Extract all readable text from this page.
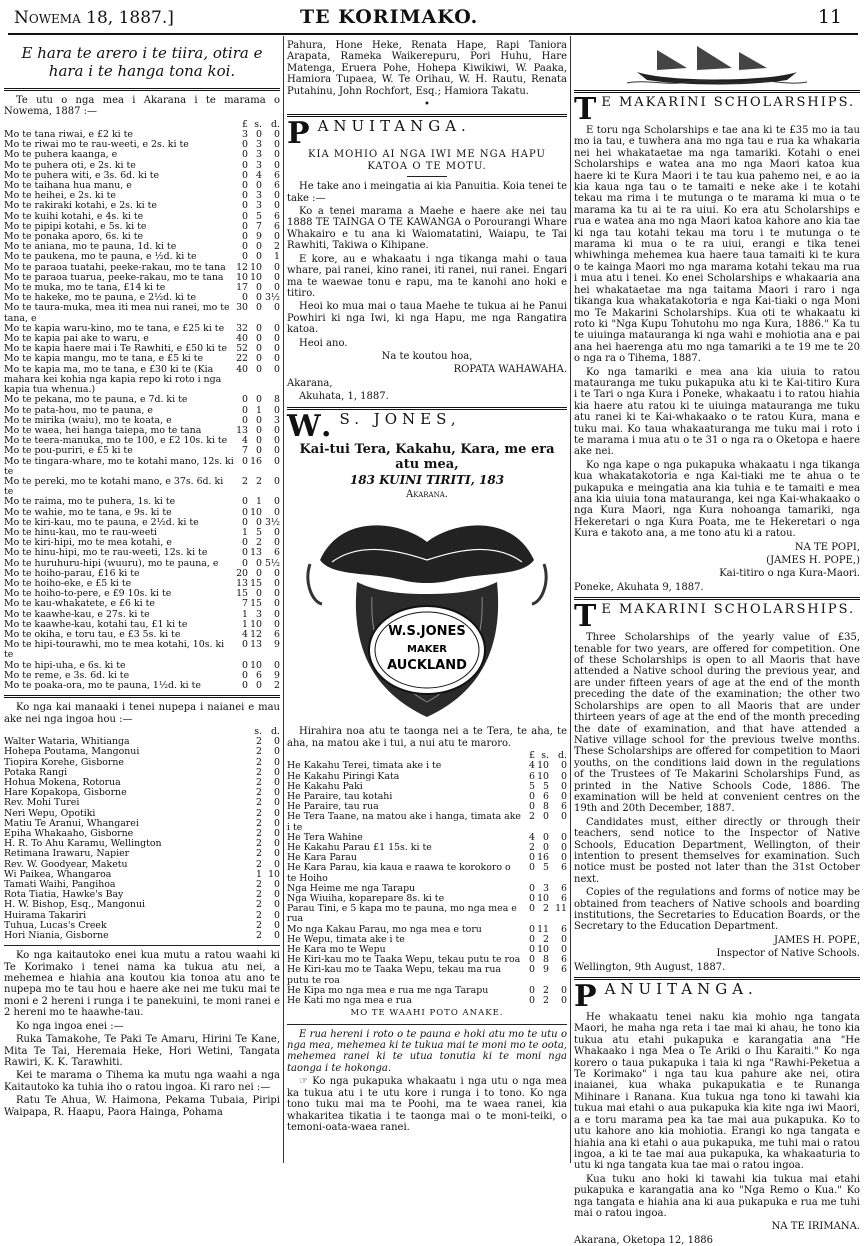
Nowema 18, 1887.]	TE KORIMAKO.	11
E hara te arero i te tiira, otira e hara i te hanga tona koi.

Te utu o nga mea i Akarana i te marama o Nowema, 1887 :—

	£	s.	d.
Mo te tana riwai, e £2 ki te	3	0	0
Mo te riwai mo te rau-weeti, e 2s. ki te	0	3	0
Mo te puhera kaanga, e	0	3	0
Mo te puhera oti, e 2s. ki te	0	3	0
Mo te puhera witi, e 3s. 6d. ki te	0	4	6
Mo te taihana hua manu, e	0	0	6
Mo te heihei, e 2s. ki te	0	3	0
Mo te rakiraki kotahi, e 2s. ki te	0	3	0
Mo te kuihi kotahi, e 4s. ki te	0	5	6
Mo te pipipi kotahi, e 5s. ki te	0	7	6
Mo te ponaka aporo, 6s. ki te	0	9	0
Mo te aniana, mo te pauna, 1d. ki te	0	0	2
Mo te paukena, mo te pauna, e ½d. ki te	0	0	1
Mo te paraoa tuatahi, peeke-rakau, mo te tana	12	10	0
Mo te paraoa tuarua, peeke-rakau, mo te tana	10	10	0
Mo te muka, mo te tana, £14 ki te	17	0	0
Mo te hakeke, mo te pauna, e 2½d. ki te	0	0	3½
Mo te taura-muka, mea iti mea nui ranei, mo te tana, e	30	0	0
Mo te kapia waru-kino, mo te tana, e £25 ki te	32	0	0
Mo te kapia pai ake to waru, e	40	0	0
Mo te kapia haere mai i Te Rawhiti, e £50 ki te	52	0	0
Mo te kapia mangu, mo te tana, e £5 ki te	22	0	0
Mo te kapia ma, mo te tana, e £30 ki te (Kia mahara kei kohia nga kapia repo ki roto i nga kapia tua whenua.)	40	0	0
Mo te pekana, mo te pauna, e 7d. ki te	0	0	8
Mo te pata-hou, mo te pauna, e	0	1	0
Mo te mirika (waiu), mo te koata, e	0	0	3
Mo te waea, hei hanga taiepa, mo te tana	13	0	0
Mo te teera-manuka, mo te 100, e £2 10s. ki te	4	0	0
Mo te pou-puriri, e £5 ki te	7	0	0
Mo te tingara-whare, mo te kotahi mano, 12s. ki te	0	16	0
Mo te pereki, mo te kotahi mano, e 37s. 6d. ki te	2	2	0
Mo te raima, mo te puhera, 1s. ki te	0	1	0
Mo te wahie, mo te tana, e 9s. ki te	0	10	0
Mo te kiri-kau, mo te pauna, e 2½d. ki te	0	0	3½
Mo te hinu-kau, mo te rau-weeti	1	5	0
Mo te kiri-hipi, mo te mea kotahi, e	0	2	0
Mo te hinu-hipi, mo te rau-weeti, 12s. ki te	0	13	6
Mo te huruhuru-hipi (wuuru), mo te pauna, e	0	0	5½
Mo te hoiho-parau, £16 ki te	20	0	0
Mo te hoiho-eke, e £5 ki te	13	15	0
Mo te hoiho-to-pere, e £9 10s. ki te	15	0	0
Mo te kau-whakatete, e £6 ki te	7	15	0
Mo te kaawhe-kau, e 27s. ki te	1	3	0
Mo te kaawhe-kau, kotahi tau, £1 ki te	1	10	0
Mo te okiha, e toru tau, e £3 5s. ki te	4	12	6
Mo te hipi-tourawhi, mo te mea kotahi, 10s. ki te	0	13	9
Mo te hipi-uha, e 6s. ki te	0	10	0
Mo te reme, e 3s. 6d. ki te	0	6	9
Mo te poaka-ora, mo te pauna, 1½d. ki te	0	0	2

Ko nga kai manaaki i tenei nupepa i naianei e mau ake nei nga ingoa hou :—

	s.	d.
Walter Wataria, Whitianga	2	0
Hohepa Poutama, Mangonui	2	0
Tiopira Korehe, Gisborne	2	0
Potaka Rangi	2	0
Hohua Mokena, Rotorua	2	0
Hare Kopakopa, Gisborne	2	0
Rev. Mohi Turei	2	0
Neri Wepu, Opotiki	2	0
Matiu Te Aranui, Whangarei	2	0
Epiha Whakaaho, Gisborne	2	0
H. R. To Ahu Karamu, Wellington	2	0
Retimana Irawaru, Napier	2	0
Rev. W. Goodyear, Maketu	2	0
Wi Paikea, Whangaroa	1	10
Tamati Waihi, Pangihoa	2	0
Rota Tiatia, Hawke's Bay	2	0
H. W. Bishop, Esq., Mangonui	2	0
Huirama Takariri	2	0
Tuhua, Lucas's Creek	2	0
Hori Niania, Gisborne	2	0

Ko nga kaitautoko enei kua mutu a ratou waahi ki Te Korimako i tenei nama ka tukua atu nei, a mehemea e hiahia ana koutou kia tonoa atu ano te nupepa mo te tau hou e haere ake nei me tuku mai te moni e 2 hereni i runga i te panekuini, te moni ranei e 2 hereni mo te haawhe-tau.

Ko nga ingoa enei :—

Ruka Tamakohe, Te Paki Te Amaru, Hirini Te Kane, Mita Te Tai, Heremaia Heke, Hori Wetini, Tangata Rawiri, K. K. Tarawhiti.

Kei te marama o Tihema ka mutu nga waahi a nga Kaitautoko ka tuhia iho o ratou ingoa. Ki raro nei :—

Ratu Te Ahua, W. Haimona, Pekama Tubaia, Piripi Waipapa, R. Haapu, Paora Hainga, Pohama

Pahura, Hone Heke, Renata Hape, Rapi Taniora Arapata, Rameka Waikerepuru, Pori Huhu, Hare Matenga, Eruera Pohe, Hohepa Kiwikiwi, W. Paaka, Hamiora Tupaea, W. Te Orihau, W. H. Rautu, Renata Putahinu, John Rochfort, Esq.; Hamiora Takatu.

•
P ANUITANGA.

KIA MOHIO AI NGA IWI ME NGA HAPU KATOA O TE MOTU.

He take ano i meingatia ai kia Panuitia. Koia tenei te take :—

Ko a tenei marama a Maehe e haere ake nei tau 1888 TE TAINGA O TE KAWANGA o Porourangi Whare Whakairo e tu ana ki Waiomatatini, Waiapu, te Tai Rawhiti, Takiwa o Kihipane.

E kore, au e whakaatu i nga tikanga mahi o taua whare, pai ranei, kino ranei, iti ranei, nui ranei. Engari ma te waewae tonu e rapu, ma te kanohi ano hoki e titiro.

Heoi ko mua mai o taua Maehe te tukua ai he Panui Powhiri ki nga Iwi, ki nga Hapu, me nga Rangatira katoa.

Heoi ano.

Na te koutou hoa,

ROPATA WAHAWAHA.

Akarana,

Akuhata, 1, 1887.

W. S. JONES,
Kai-tui Tera, Kakahu, Kara, me era atu mea,
183 KUINI TIRITI, 183
Akarana.
W.S.JONES
MAKER
AUCKLAND

Hirahira noa atu te taonga nei a te Tera, te aha, te aha, na matou ake i tui, a nui atu te maroro.

	£	s.	d.
He Kakahu Terei, timata ake i te	4	10	0
He Kakahu Piringi Kata	6	10	0
He Kakahu Paki	5	5	0
He Paraire, tau kotahi	0	6	0
He Paraire, tau rua	0	8	6
He Tera Taane, na matou ake i hanga, timata ake i te	2	0	0
He Tera Wahine	4	0	0
He Kakahu Parau £1 15s. ki te	2	0	0
He Kara Parau	0	16	0
He Kara Parau, kia kaua e raawa te korokoro o te Hoiho	0	5	6
Nga Heime me nga Tarapu	0	3	6
Nga Wiuiha, koparepare 8s. ki te	0	10	6
Parau Tini, e 5 kapa mo te pauna, mo nga mea e rua	0	2	11
Mo nga Kakau Parau, mo nga mea e toru	0	11	6
He Wepu, timata ake i te	0	2	0
He Kara mo te Wepu	0	10	0
He Kiri-kau mo te Taaka Wepu, tekau putu te roa	0	8	6
He Kiri-kau mo te Taaka Wepu, tekau ma rua putu te roa	0	9	6
He Kipa mo nga mea e rua me nga Tarapu	0	2	0
He Kati mo nga mea e rua	0	2	0

MO TE WAAHI POTO ANAKE.

E rua hereni i roto o te pauna e hoki atu mo te utu o nga mea, mehemea ki te tukua mai te moni mo te oota, mehemea ranei ki te utua tonutia ki te moni nga taonga i te hokonga.

☞ Ko nga pukapuka whakaatu i nga utu o nga mea ka tukua atu i te utu kore i runga i to tono. Ko nga tono tuku mai ma te Poohi, ma te waea ranei, kia whakaritea tikatia i te taonga mai o te moni-teiki, o temoni-oata-waea ranei.

T E MAKARINI SCHOLARSHIPS.

E toru nga Scholarships e tae ana ki te £35 mo ia tau mo ia tau, e tuwhera ana mo nga tau e rua ka whakaria nei hei whakataetae ma nga tamariki. Kotahi o enei Scholarships e watea ana mo nga Maori katoa kua haere ki te Kura Maori i te tau kua pahemo nei, e ao ia kia kaua nga tau o te tamaiti e neke ake i te kotahi tekau ma rima i te mutunga o te marama ki mua o te marama ka tu ai te ra uiui. Ko era atu Scholarships e rua e watea ana mo nga Maori katoa kahore ano kia tae ki nga tau kotahi tekau ma toru i te mutunga o te marama ki mua o te ra uiui, erangi e tika tenei whiwhinga mehemea kua haere taua tamaiti ki te kura o te kainga Maori mo nga marama kotahi tekau ma rua i mua atu i tenei. Ko enei Scholarships e whakaaria ana hei whakataetae ma nga taitama Maori i raro i nga tikanga kua whakatakotoria e nga Kai-tiaki o nga Moni mo Te Makarini Scholarships. Kua oti te whakaatu ki roto ki "Nga Kupu Tohutohu mo nga Kura, 1886." Ka tu te uiuinga matauranga ki nga wahi e mohiotia ana e pai ana hei haerenga atu mo nga tamariki a te 19 me te 20 o nga ra o Tihema, 1887.

Ko nga tamariki e mea ana kia uiuia to ratou matauranga me tuku pukapuka atu ki te Kai-titiro Kura i te Tari o nga Kura i Poneke, whakaatu i to ratou hiahia kia haere atu ratou ki te uiuinga matauranga me tuku atu ranei ki te Kai-whakaako o te ratou Kura, mana e tuku mai. Ko taua whakaaturanga me tuku mai i roto i te marama i mua atu o te 31 o nga ra o Oketopa e haere ake nei.

Ko nga kape o nga pukapuka whakaatu i nga tikanga kua whakatakotoria e nga Kai-tiaki me te ahua o te pukapuka e meingatia ana kia tuhia e te tamaiti e mea ana kia uiuia tona matauranga, kei nga Kai-whakaako o nga Kura Maori, nga Kura nohoanga tamariki, nga Hekeretari o nga Kura Poata, me te Hekeretari o nga Kura e takoto ana, a me tono atu ki a ratou.

NA TE POPI,

(JAMES H. POPE,)

Kai-titiro o nga Kura-Maori.

Poneke, Akuhata 9, 1887.

T E MAKARINI SCHOLARSHIPS.

Three Scholarships of the yearly value of £35, tenable for two years, are offered for competition. One of these Scholarships is open to all Maoris that have attended a Native school during the previous year, and are under fifteen years of age at the end of the month preceding the date of the examination; the other two Scholarships are open to all Maoris that are under thirteen years of age at the end of the month preceding the date of examination, and that have attended a Native village school for the previous twelve months. These Scholarships are offered for competition to Maori youths, on the conditions laid down in the regulations of the Trustees of Te Makarini Scholarships Fund, as printed in the Native Schools Code, 1886. The examination will be held at convenient centres on the 19th and 20th December, 1887.

Candidates must, either directly or through their teachers, send notice to the Inspector of Native Schools, Education Department, Wellington, of their intention to present themselves for examination. Such notice must be posted not later than the 31st October next.

Copies of the regulations and forms of notice may be obtained from teachers of Native schools and boarding institutions, the Secretaries to Education Boards, or the Secretary to the Education Department.

JAMES H. POPE,

Inspector of Native Schools.

Wellington, 9th August, 1887.

P ANUITANGA.

He whakaatu tenei naku kia mohio nga tangata Maori, he maha nga reta i tae mai ki ahau, he tono kia tukua atu etahi pukapuka e karangatia ana "He Whakaako i nga Mea o Te Ariki o Ihu Karaiti." Ko nga korero o taua pukapuka i taia ki nga "Rawhi-Peketua a Te Korimako" i nga tau kua pahure ake nei, otira inaianei, kua whaka pukapukatia e te Runanga Mihinare i Ranana. Kua tukua nga tono ki tawahi kia tukua mai etahi o aua pukapuka kia kite nga iwi Maori, a e toru marama pea ka tae mai aua pukapuka. Ko to utu kahore ano kia mohiotia. Erangi ko nga tangata e hiahia ana ki etahi o aua pukapuka, me tuhi mai o ratou ingoa, a ki te tae mai aua pukapuka, ka whakaaturia to utu ki nga tangata kua tae mai o ratou ingoa.

Kua tuku ano hoki ki tawahi kia tukua mai etahi pukapuka e karangatia ana ko "Nga Remo o Kua." Ko nga tangata e hiahia ana ki aua pukapuka e rua me tuhi mai o ratou ingoa.

NA TE IRIMANA.

Akarana, Oketopa 12, 1886
